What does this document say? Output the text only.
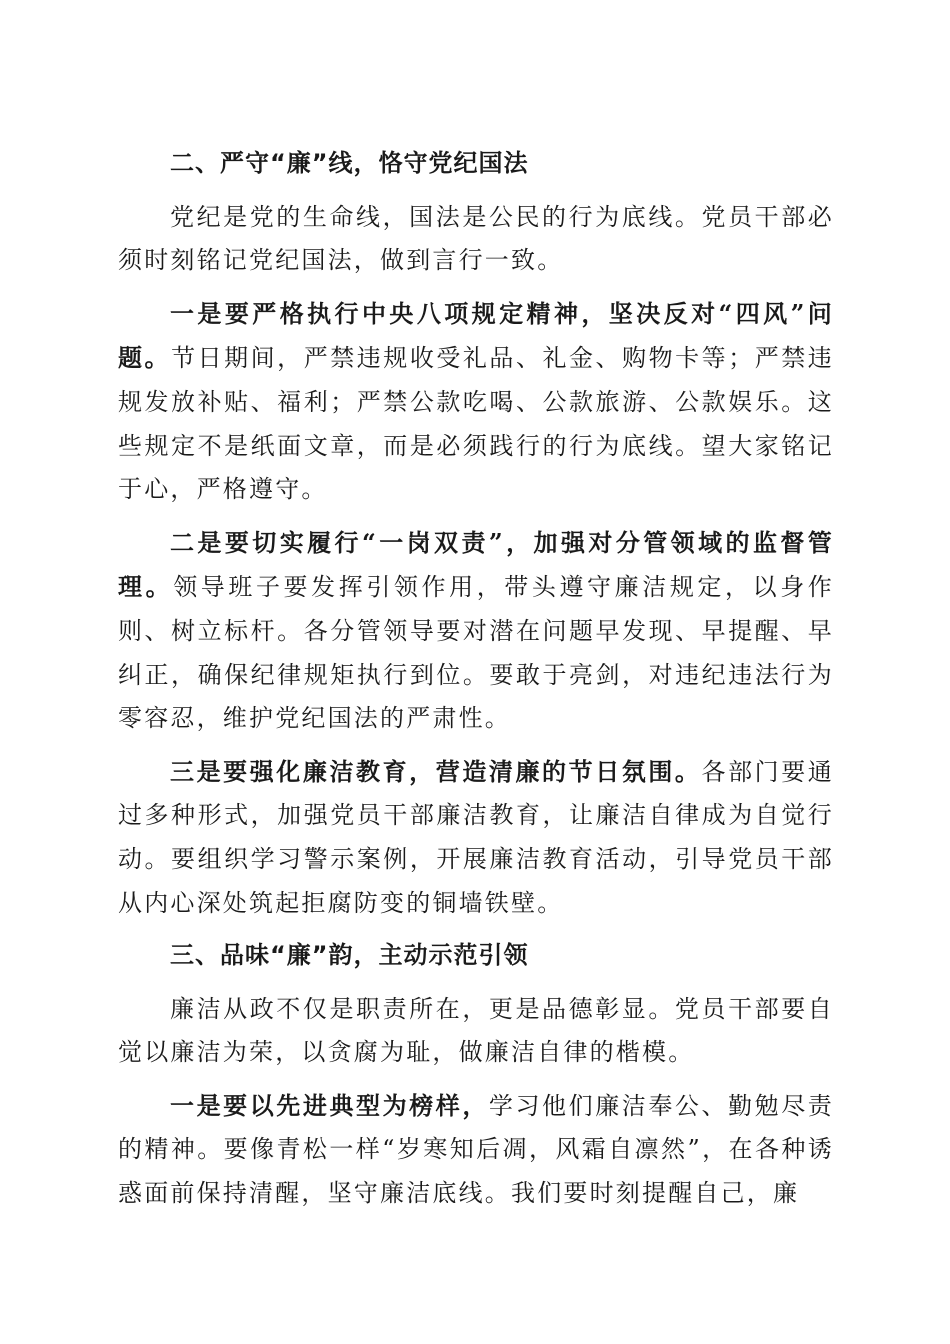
二、严守“廉”线，恪守党纪国法

党纪是党的生命线，国法是公民的行为底线。党员干部必须时刻铭记党纪国法，做到言行一致。

一是要严格执行中央八项规定精神，坚决反对“四风”问题。节日期间，严禁违规收受礼品、礼金、购物卡等；严禁违规发放补贴、福利；严禁公款吃喝、公款旅游、公款娱乐。这些规定不是纸面文章，而是必须践行的行为底线。望大家铭记于心，严格遵守。

二是要切实履行“一岗双责”，加强对分管领域的监督管理。领导班子要发挥引领作用，带头遵守廉洁规定，以身作则、树立标杆。各分管领导要对潜在问题早发现、早提醒、早纠正，确保纪律规矩执行到位。要敢于亮剑，对违纪违法行为零容忍，维护党纪国法的严肃性。

三是要强化廉洁教育，营造清廉的节日氛围。各部门要通过多种形式，加强党员干部廉洁教育，让廉洁自律成为自觉行动。要组织学习警示案例，开展廉洁教育活动，引导党员干部从内心深处筑起拒腐防变的铜墙铁壁。

三、品味“廉”韵，主动示范引领

廉洁从政不仅是职责所在，更是品德彰显。党员干部要自觉以廉洁为荣，以贪腐为耻，做廉洁自律的楷模。

一是要以先进典型为榜样，学习他们廉洁奉公、勤勉尽责的精神。要像青松一样“岁寒知后凋，风霜自凛然”，在各种诱惑面前保持清醒，坚守廉洁底线。我们要时刻提醒自己，廉
